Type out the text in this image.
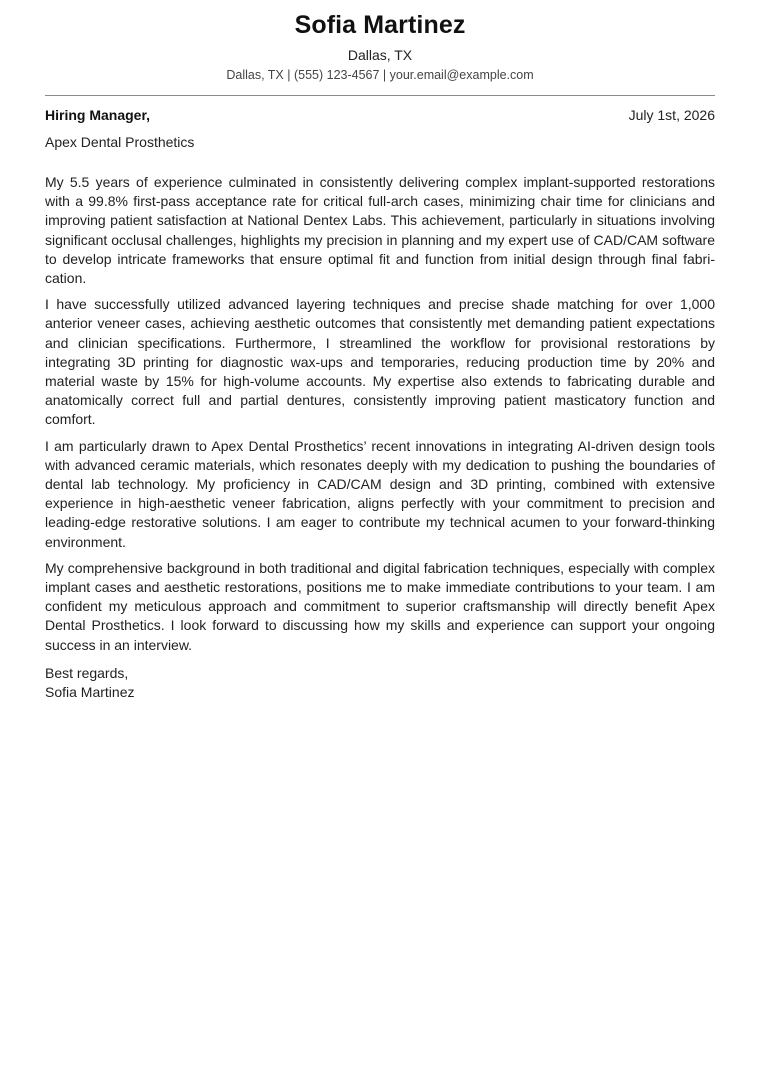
Sofia Martinez
Dallas, TX
Dallas, TX | (555) 123-4567 | your.email@example.com
Hiring Manager,	July 1st, 2026
Apex Dental Prosthetics

My 5.5 years of experience culminated in consistently delivering complex implant-supported restorations with a 99.8% first-pass acceptance rate for critical full-arch cases, minimizing chair time for clinicians and improving patient satisfaction at National Dentex Labs. This achievement, particularly in situations involving significant occlusal challenges, highlights my precision in planning and my expert use of CAD/CAM software to develop intricate frameworks that ensure optimal fit and function from initial design through final fabrication.

I have successfully utilized advanced layering techniques and precise shade matching for over 1,000 anterior veneer cases, achieving aesthetic outcomes that consistently met demanding patient expectations and clinician specifications. Furthermore, I streamlined the workflow for provisional restorations by integrating 3D printing for diagnostic wax-ups and temporaries, reducing production time by 20% and material waste by 15% for high-volume accounts. My expertise also extends to fabricating durable and anatomically correct full and partial dentures, consistently improving patient masticatory function and comfort.

I am particularly drawn to Apex Dental Prosthetics’ recent innovations in integrating AI-driven design tools with advanced ceramic materials, which resonates deeply with my dedication to pushing the boundaries of dental lab technology. My proficiency in CAD/CAM design and 3D printing, combined with extensive experience in high-aesthetic veneer fabrication, aligns perfectly with your commitment to precision and leading-edge restorative solutions. I am eager to contribute my technical acumen to your forward-thinking environment.

My comprehensive background in both traditional and digital fabrication techniques, especially with complex implant cases and aesthetic restorations, positions me to make immediate contributions to your team. I am confident my meticulous approach and commitment to superior craftsmanship will directly benefit Apex Dental Prosthetics. I look forward to discussing how my skills and experience can support your ongoing success in an interview.

Best regards,
Sofia Martinez
